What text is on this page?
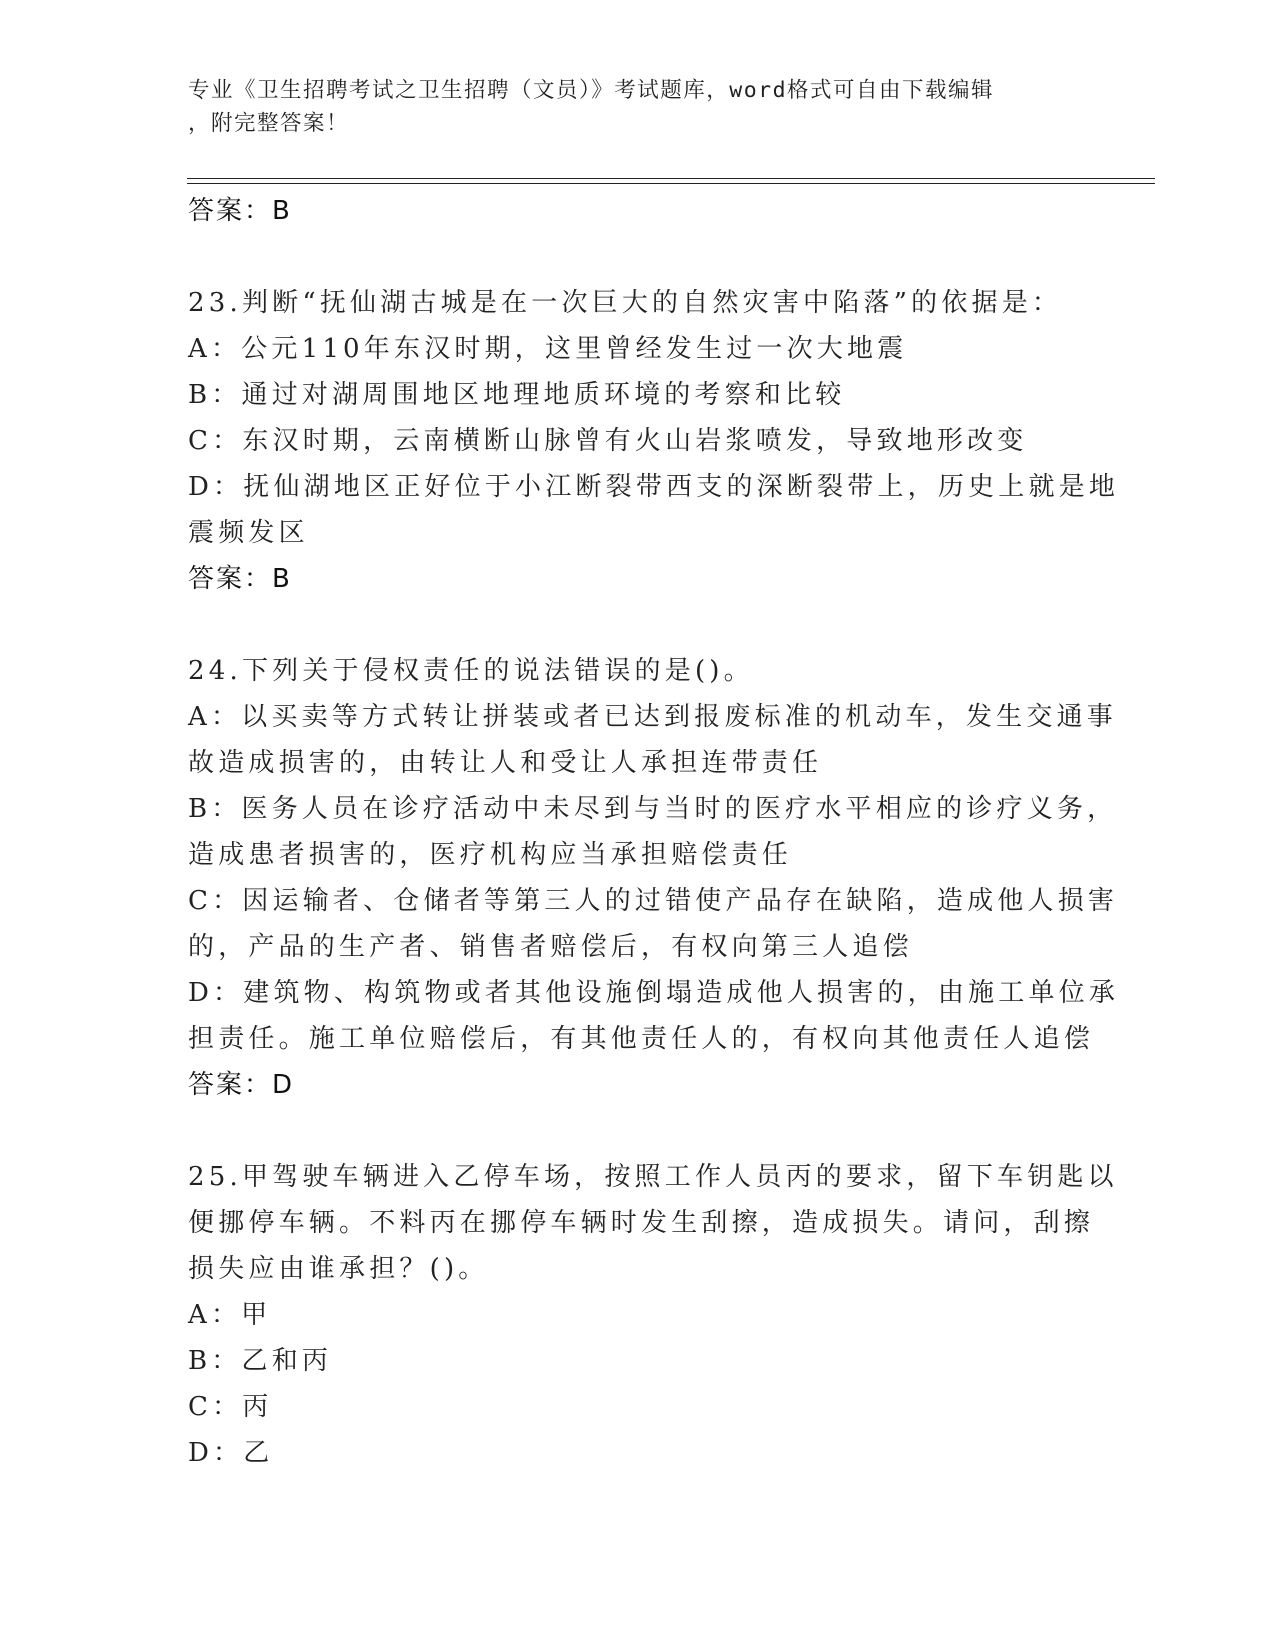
专业《卫生招聘考试之卫生招聘（文员）》考试题库，word格式可自由下载编辑
，附完整答案！
答案：B
23.判断“抚仙湖古城是在一次巨大的自然灾害中陷落”的依据是：
A：公元110年东汉时期，这里曾经发生过一次大地震
B：通过对湖周围地区地理地质环境的考察和比较
C：东汉时期，云南横断山脉曾有火山岩浆喷发，导致地形改变
D：抚仙湖地区正好位于小江断裂带西支的深断裂带上，历史上就是地
震频发区
答案：B
24.下列关于侵权责任的说法错误的是()。
A：以买卖等方式转让拼装或者已达到报废标准的机动车，发生交通事
故造成损害的，由转让人和受让人承担连带责任
B：医务人员在诊疗活动中未尽到与当时的医疗水平相应的诊疗义务，
造成患者损害的，医疗机构应当承担赔偿责任
C：因运输者、仓储者等第三人的过错使产品存在缺陷，造成他人损害
的，产品的生产者、销售者赔偿后，有权向第三人追偿
D：建筑物、构筑物或者其他设施倒塌造成他人损害的，由施工单位承
担责任。施工单位赔偿后，有其他责任人的，有权向其他责任人追偿
答案：D
25.甲驾驶车辆进入乙停车场，按照工作人员丙的要求，留下车钥匙以
便挪停车辆。不料丙在挪停车辆时发生刮擦，造成损失。请问，刮擦
损失应由谁承担？()。
A：甲
B：乙和丙
C：丙
D：乙
